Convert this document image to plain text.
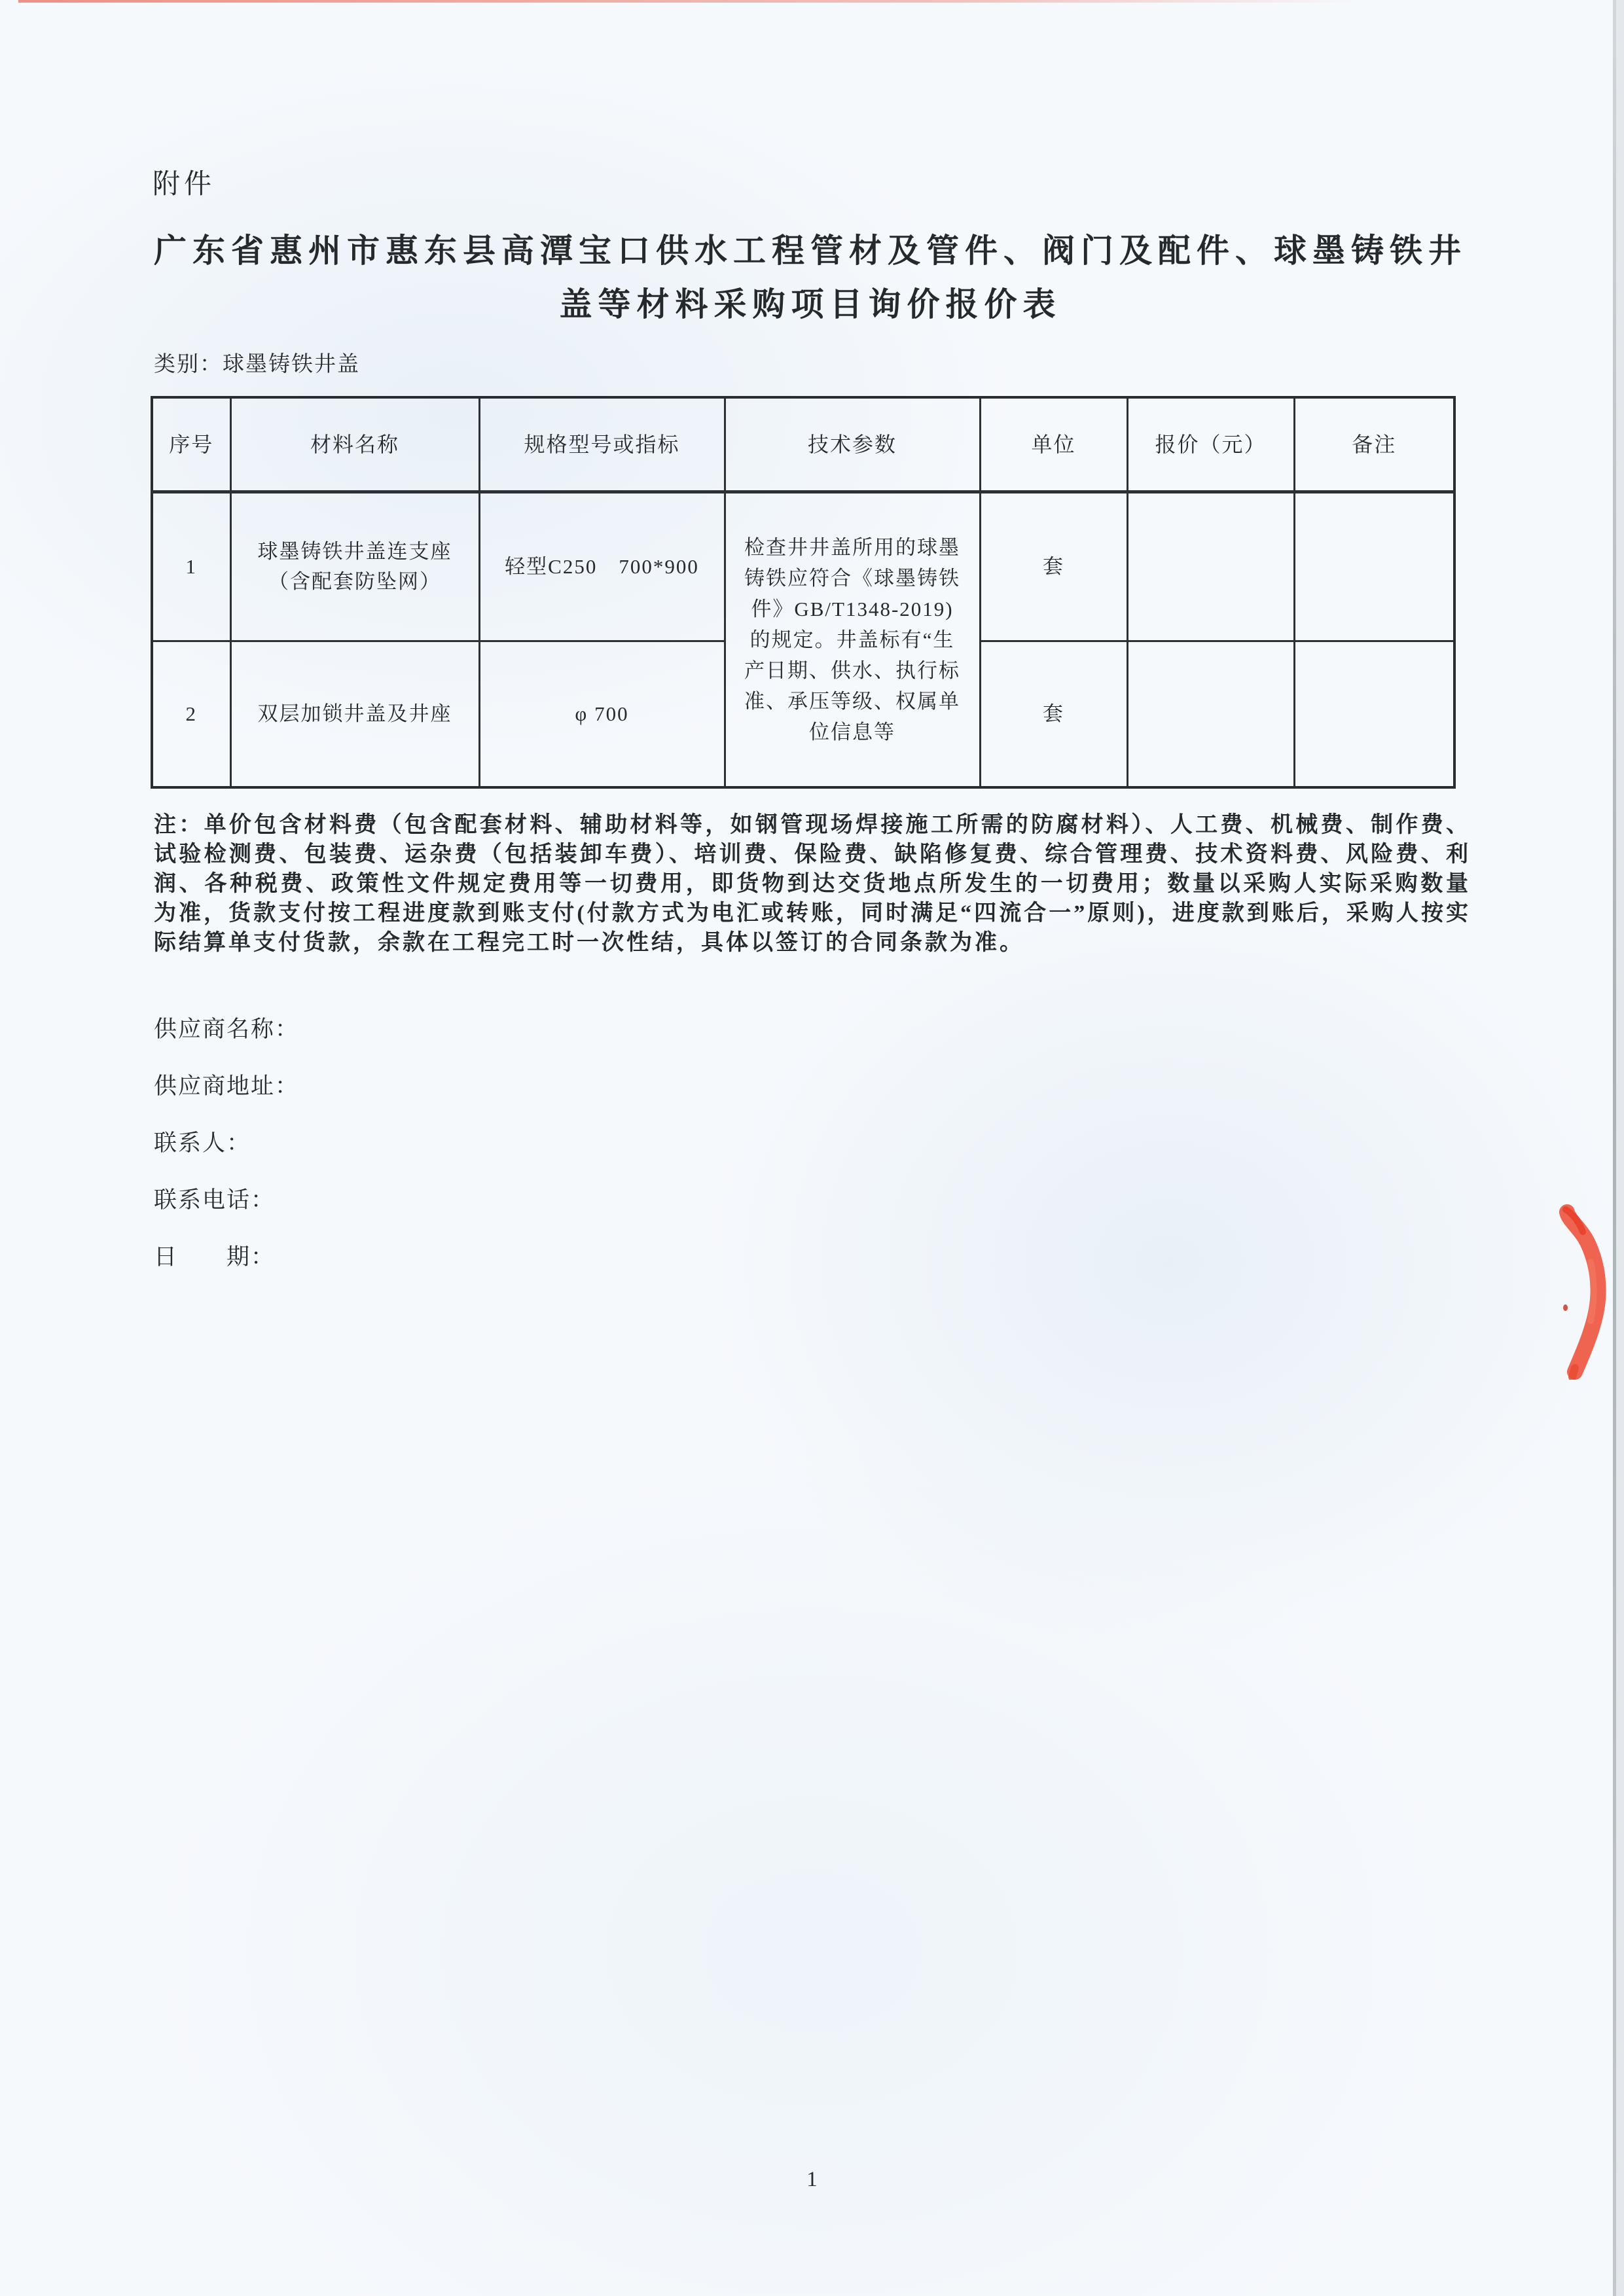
附件
广东省惠州市惠东县高潭宝口供水工程管材及管件、阀门及配件、球墨铸铁井盖等材料采购项目询价报价表
类别：球墨铸铁井盖
序号	材料名称	规格型号或指标	技术参数	单位	报价（元）	备注
1	球墨铸铁井盖连支座（含配套防坠网）	轻型C250　700*900	检查井井盖所用的球墨铸铁应符合《球墨铸铁件》GB/T1348-2019)的规定。井盖标有“生产日期、供水、执行标准、承压等级、权属单位信息等	套		
2	双层加锁井盖及井座	φ 700		套		
注：单价包含材料费（包含配套材料、辅助材料等，如钢管现场焊接施工所需的防腐材料）、人工费、机械费、制作费、试验检测费、包装费、运杂费（包括装卸车费）、培训费、保险费、缺陷修复费、综合管理费、技术资料费、风险费、利润、各种税费、政策性文件规定费用等一切费用，即货物到达交货地点所发生的一切费用；数量以采购人实际采购数量为准，货款支付按工程进度款到账支付(付款方式为电汇或转账，同时满足“四流合一”原则)，进度款到账后，采购人按实际结算单支付货款，余款在工程完工时一次性结，具体以签订的合同条款为准。
供应商名称：
供应商地址：
联系人：
联系电话：
日　　期：
1
